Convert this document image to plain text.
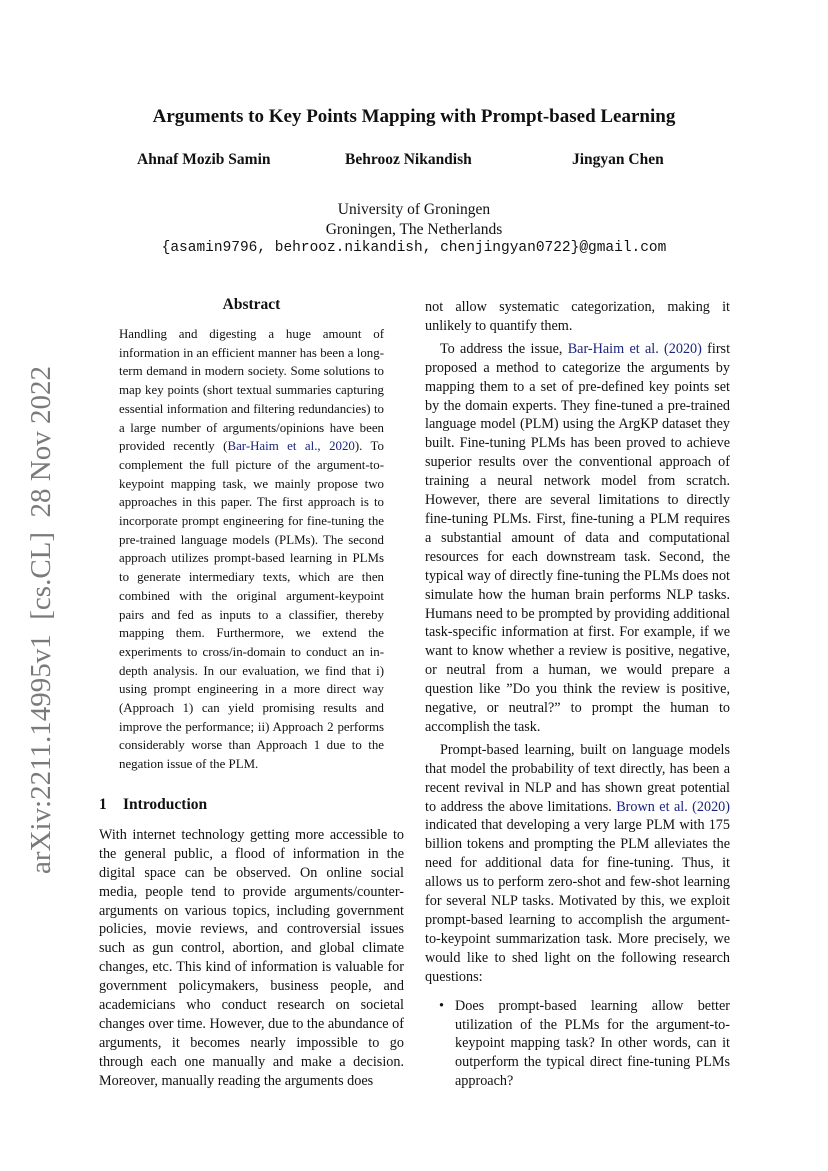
arXiv:2211.14995v1  [cs.CL]  28 Nov 2022
Arguments to Key Points Mapping with Prompt-based Learning
Ahnaf Mozib Samin	Behrooz Nikandish	Jingyan Chen
University of Groningen
Groningen, The Netherlands
{asamin9796, behrooz.nikandish, chenjingyan0722}@gmail.com
Abstract

Handling and digesting a huge amount of information in an efficient manner has been a long-term demand in modern society. Some solutions to map key points (short textual summaries capturing essential information and filtering redundancies) to a large number of arguments/opinions have been provided recently (Bar-Haim et al., 2020). To complement the full picture of the argument-to-keypoint mapping task, we mainly propose two approaches in this paper. The first approach is to incorporate prompt engineering for fine-tuning the pre-trained language models (PLMs). The second approach utilizes prompt-based learning in PLMs to generate intermediary texts, which are then combined with the original argument-keypoint pairs and fed as inputs to a classifier, thereby mapping them. Furthermore, we extend the experiments to cross/in-domain to conduct an in-depth analysis. In our evaluation, we find that i) using prompt engineering in a more direct way (Approach 1) can yield promising results and improve the performance; ii) Approach 2 performs considerably worse than Approach 1 due to the negation issue of the PLM.

1 Introduction

With internet technology getting more accessible to the general public, a flood of information in the digital space can be observed. On online social media, people tend to provide arguments/counter-arguments on various topics, including government policies, movie reviews, and controversial issues such as gun control, abortion, and global climate changes, etc. This kind of information is valuable for government policymakers, business people, and academicians who conduct research on societal changes over time. However, due to the abundance of arguments, it becomes nearly impossible to go through each one manually and make a decision. Moreover, manually reading the arguments does

not allow systematic categorization, making it unlikely to quantify them.

To address the issue, Bar-Haim et al. (2020) first proposed a method to categorize the arguments by mapping them to a set of pre-defined key points set by the domain experts. They fine-tuned a pre-trained language model (PLM) using the ArgKP dataset they built. Fine-tuning PLMs has been proved to achieve superior results over the conventional approach of training a neural network model from scratch. However, there are several limitations to directly fine-tuning PLMs. First, fine-tuning a PLM requires a substantial amount of data and computational resources for each downstream task. Second, the typical way of directly fine-tuning the PLMs does not simulate how the human brain performs NLP tasks. Humans need to be prompted by providing additional task-specific information at first. For example, if we want to know whether a review is positive, negative, or neutral from a human, we would prepare a question like ”Do you think the review is positive, negative, or neutral?” to prompt the human to accomplish the task.

Prompt-based learning, built on language models that model the probability of text directly, has been a recent revival in NLP and has shown great potential to address the above limitations. Brown et al. (2020) indicated that developing a very large PLM with 175 billion tokens and prompting the PLM alleviates the need for additional data for fine-tuning. Thus, it allows us to perform zero-shot and few-shot learning for several NLP tasks. Motivated by this, we exploit prompt-based learning to accomplish the argument-to-keypoint summarization task. More precisely, we would like to shed light on the following research questions:

• Does prompt-based learning allow better utilization of the PLMs for the argument-to-keypoint mapping task? In other words, can it outperform the typical direct fine-tuning PLMs approach?
